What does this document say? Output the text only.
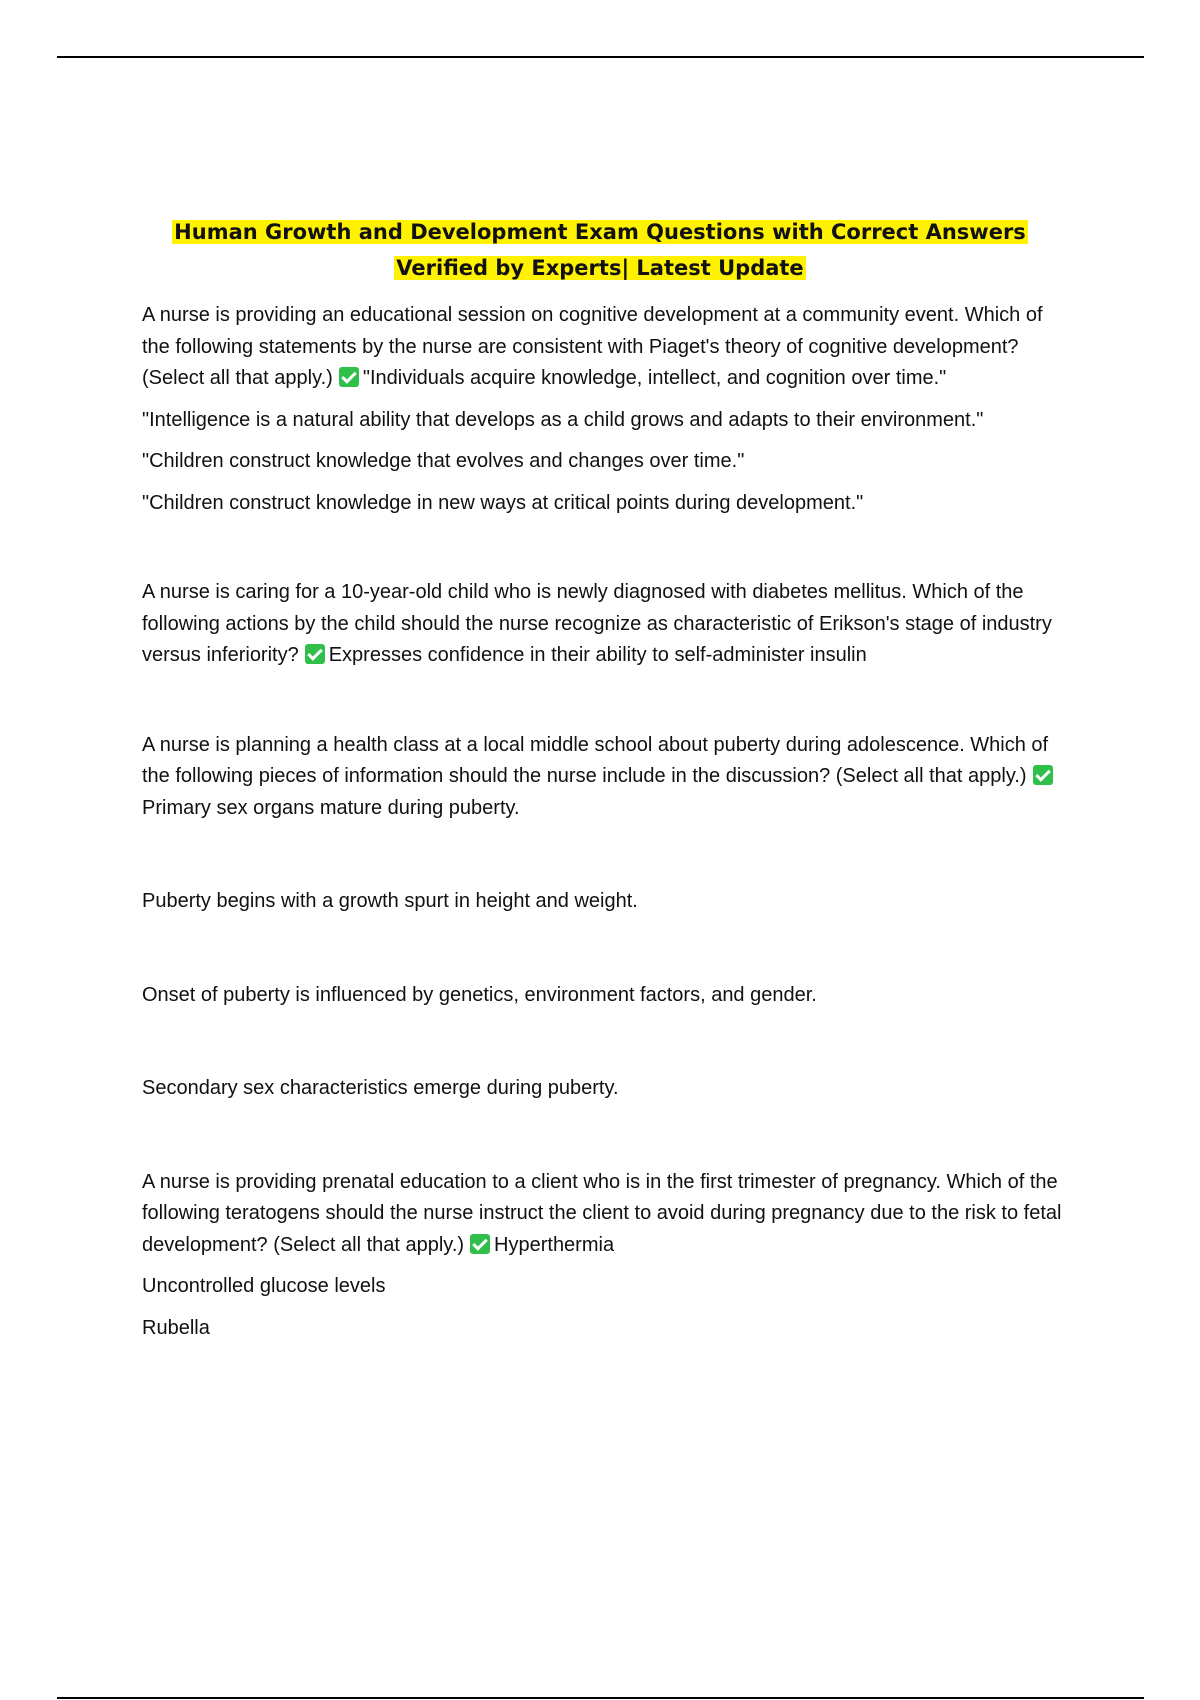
Human Growth and Development Exam Questions with Correct Answers
Verified by Experts| Latest Update

A nurse is providing an educational session on cognitive development at a community event. Which of the following statements by the nurse are consistent with Piaget's theory of cognitive development? (Select all that apply.) "Individuals acquire knowledge, intellect, and cognition over time."

"Intelligence is a natural ability that develops as a child grows and adapts to their environment."

"Children construct knowledge that evolves and changes over time."

"Children construct knowledge in new ways at critical points during development."

A nurse is caring for a 10-year-old child who is newly diagnosed with diabetes mellitus. Which of the following actions by the child should the nurse recognize as characteristic of Erikson's stage of industry versus inferiority? Expresses confidence in their ability to self-administer insulin

A nurse is planning a health class at a local middle school about puberty during adolescence. Which of the following pieces of information should the nurse include in the discussion? (Select all that apply.)Primary sex organs mature during puberty.

Puberty begins with a growth spurt in height and weight.

Onset of puberty is influenced by genetics, environment factors, and gender.

Secondary sex characteristics emerge during puberty.

A nurse is providing prenatal education to a client who is in the first trimester of pregnancy. Which of the following teratogens should the nurse instruct the client to avoid during pregnancy due to the risk to fetal development? (Select all that apply.) Hyperthermia

Uncontrolled glucose levels

Rubella
